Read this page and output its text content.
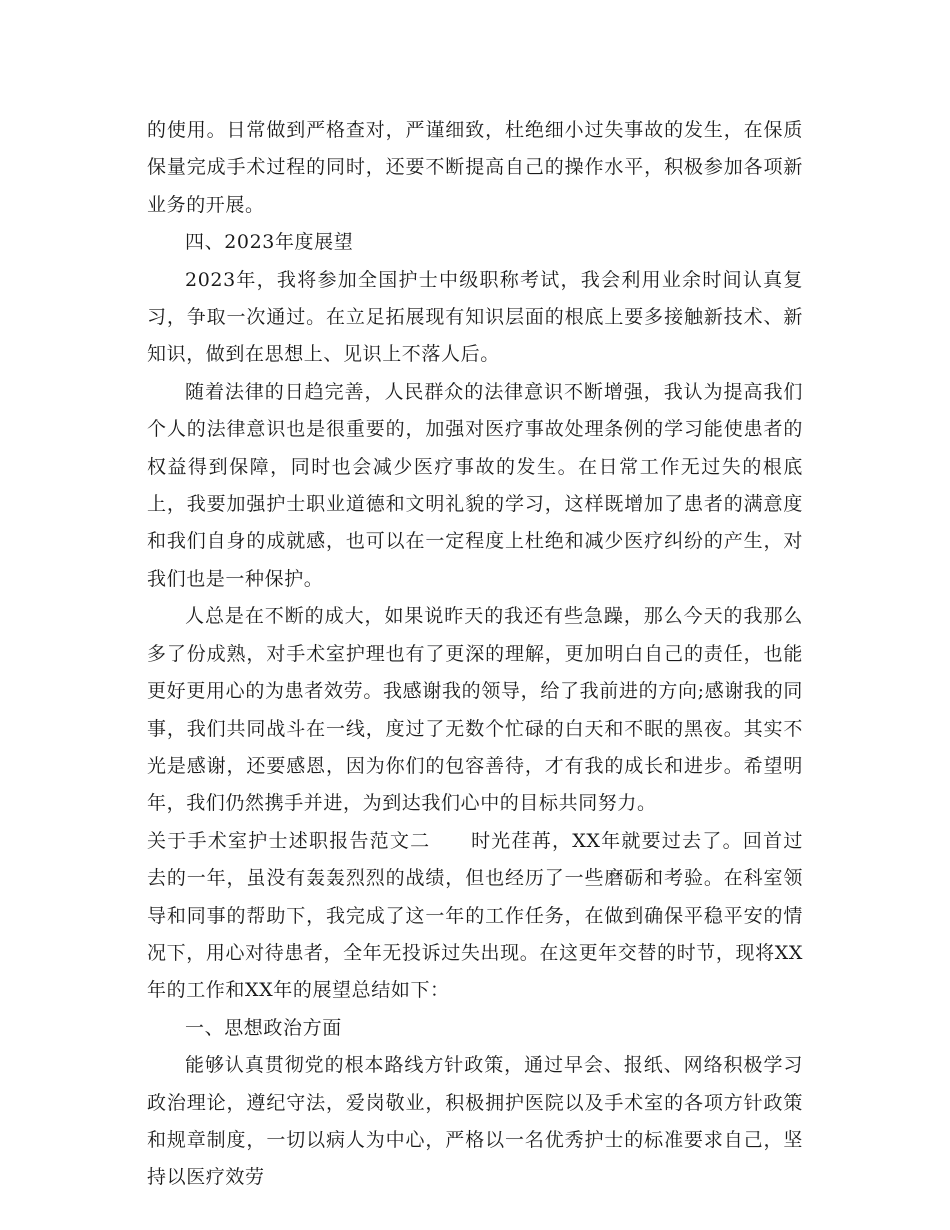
的使用。日常做到严格查对，严谨细致，杜绝细小过失事故的发生，在保质保量完成手术过程的同时，还要不断提高自己的操作水平，积极参加各项新业务的开展。

四、2023年度展望

2023年，我将参加全国护士中级职称考试，我会利用业余时间认真复习，争取一次通过。在立足拓展现有知识层面的根底上要多接触新技术、新知识，做到在思想上、见识上不落人后。

随着法律的日趋完善，人民群众的法律意识不断增强，我认为提高我们个人的法律意识也是很重要的，加强对医疗事故处理条例的学习能使患者的权益得到保障，同时也会减少医疗事故的发生。在日常工作无过失的根底上，我要加强护士职业道德和文明礼貌的学习，这样既增加了患者的满意度和我们自身的成就感，也可以在一定程度上杜绝和减少医疗纠纷的产生，对我们也是一种保护。

人总是在不断的成大，如果说昨天的我还有些急躁，那么今天的我那么多了份成熟，对手术室护理也有了更深的理解，更加明白自己的责任，也能更好更用心的为患者效劳。我感谢我的领导，给了我前进的方向;感谢我的同事，我们共同战斗在一线，度过了无数个忙碌的白天和不眠的黑夜。其实不光是感谢，还要感恩，因为你们的包容善待，才有我的成长和进步。希望明年，我们仍然携手并进，为到达我们心中的目标共同努力。

关于手术室护士述职报告范文二 时光荏苒，XX年就要过去了。回首过去的一年，虽没有轰轰烈烈的战绩，但也经历了一些磨砺和考验。在科室领导和同事的帮助下，我完成了这一年的工作任务，在做到确保平稳平安的情况下，用心对待患者，全年无投诉过失出现。在这更年交替的时节，现将XX年的工作和XX年的展望总结如下：

一、思想政治方面

能够认真贯彻党的根本路线方针政策，通过早会、报纸、网络积极学习政治理论，遵纪守法，爱岗敬业，积极拥护医院以及手术室的各项方针政策和规章制度，一切以病人为中心，严格以一名优秀护士的标准要求自己，坚持以医疗效劳
